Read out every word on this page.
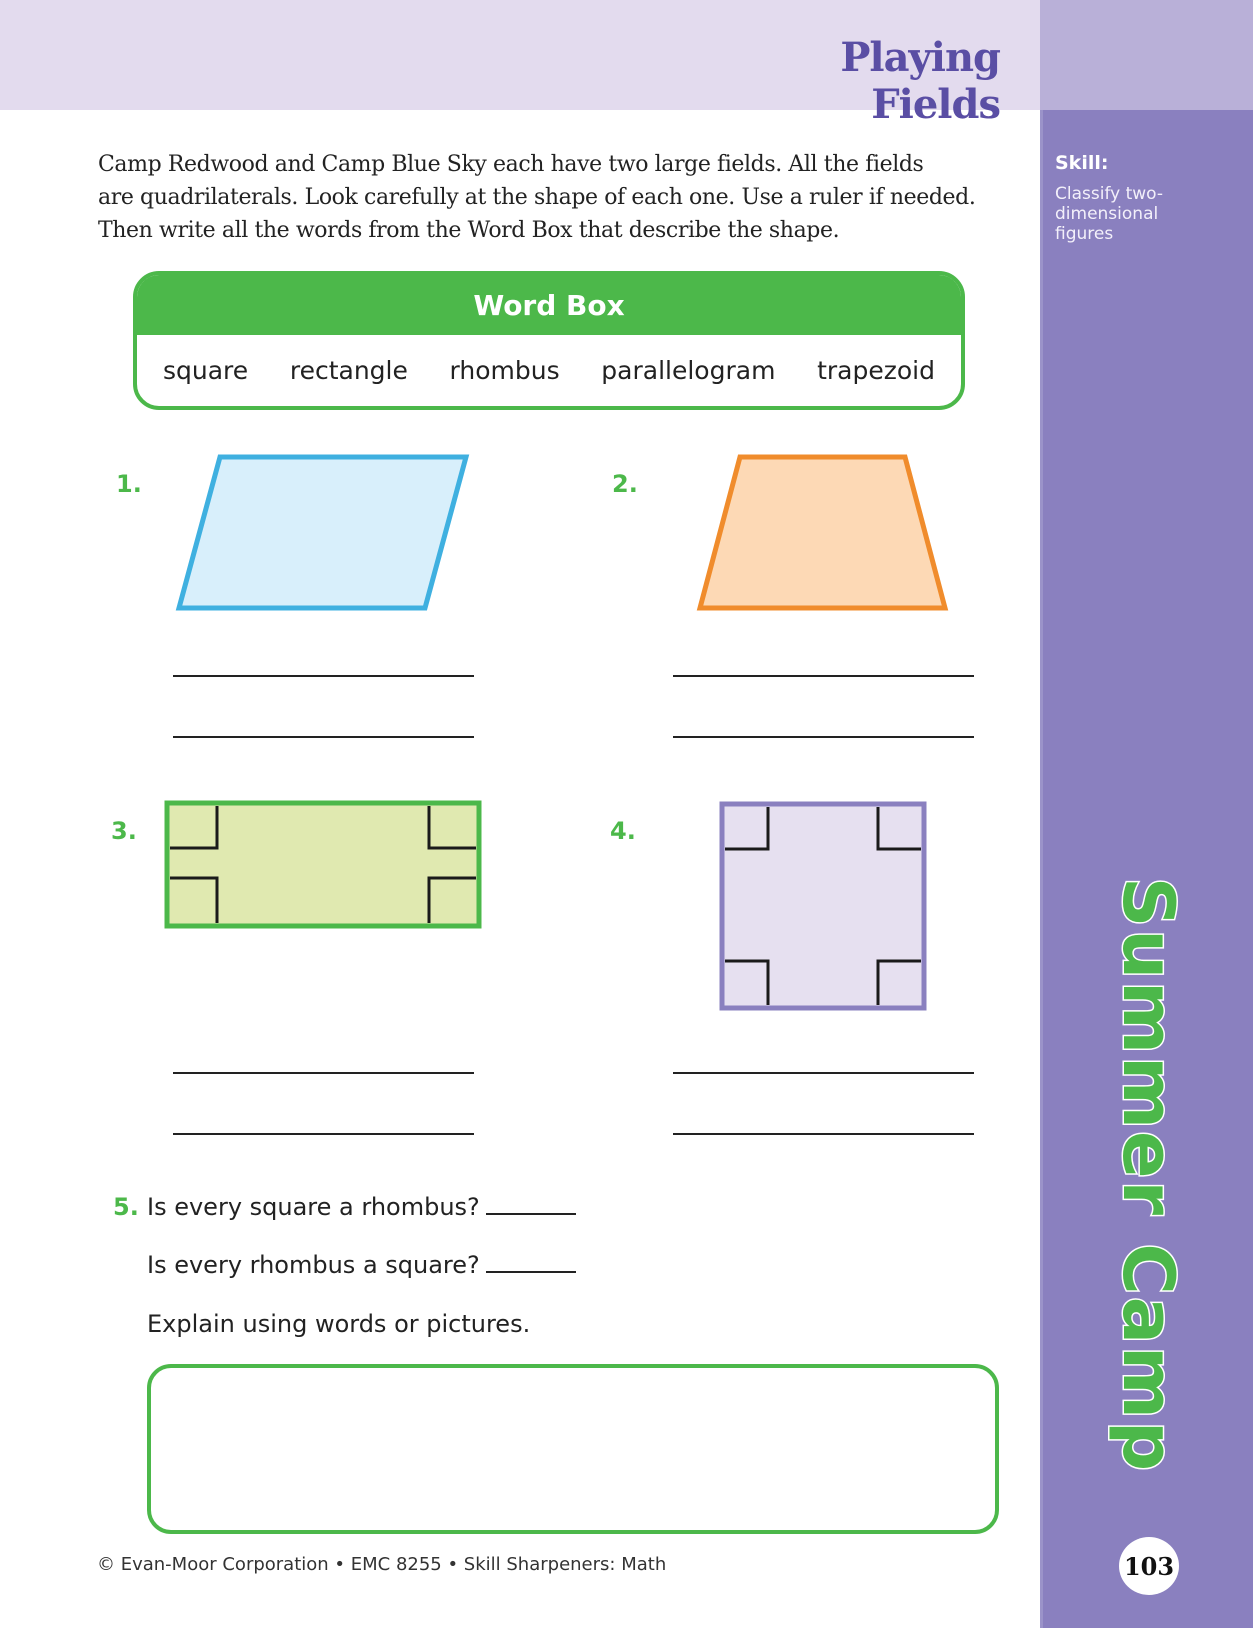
Playing Fields
Skill:
Classify two-dimensional figures
Summer Camp
103
Camp Redwood and Camp Blue Sky each have two large fields. All the fields
are quadrilaterals. Look carefully at the shape of each one. Use a ruler if needed.
Then write all the words from the Word Box that describe the shape.
Word Box
square rectangle rhombus parallelogram trapezoid
1.	2.
3.	4.
5. Is every square a rhombus?
Is every rhombus a square?
Explain using words or pictures.
© Evan-Moor Corporation • EMC 8255 • Skill Sharpeners: Math
